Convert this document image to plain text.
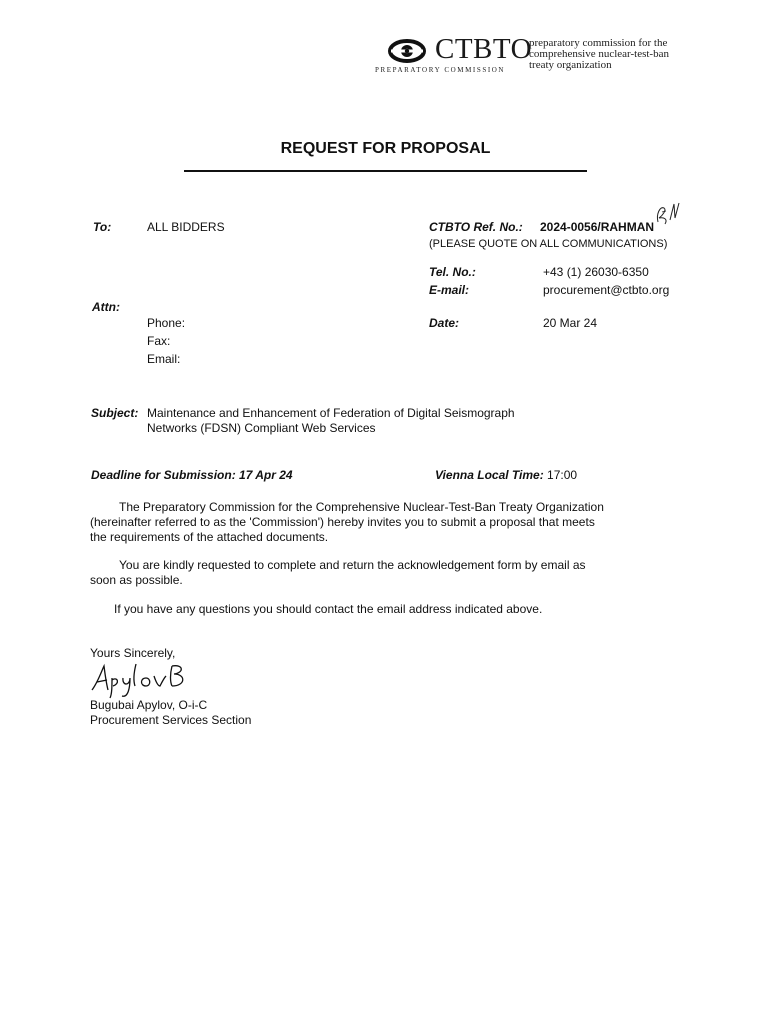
CTBTO
PREPARATORY COMMISSION
preparatory commission for the
comprehensive nuclear-test-ban
treaty organization
REQUEST FOR PROPOSAL
To:	ALL BIDDERS	CTBTO Ref. No.: 2024-0056/RAHMAN
(PLEASE QUOTE ON ALL COMMUNICATIONS)
Tel. No.:	+43 (1) 26030-6350
E-mail:	procurement@ctbto.org
Attn:
Phone:
Fax:
Email:
Date:	20 Mar 24
Subject: Maintenance and Enhancement of Federation of Digital Seismograph
Networks (FDSN) Compliant Web Services
Deadline for Submission: 17 Apr 24	Vienna Local Time: 17:00
The Preparatory Commission for the Comprehensive Nuclear-Test-Ban Treaty Organization
(hereinafter referred to as the 'Commission') hereby invites you to submit a proposal that meets
the requirements of the attached documents.
You are kindly requested to complete and return the acknowledgement form by email as
soon as possible.
If you have any questions you should contact the email address indicated above.
Yours Sincerely,
Bugubai Apylov, O-i-C
Procurement Services Section
